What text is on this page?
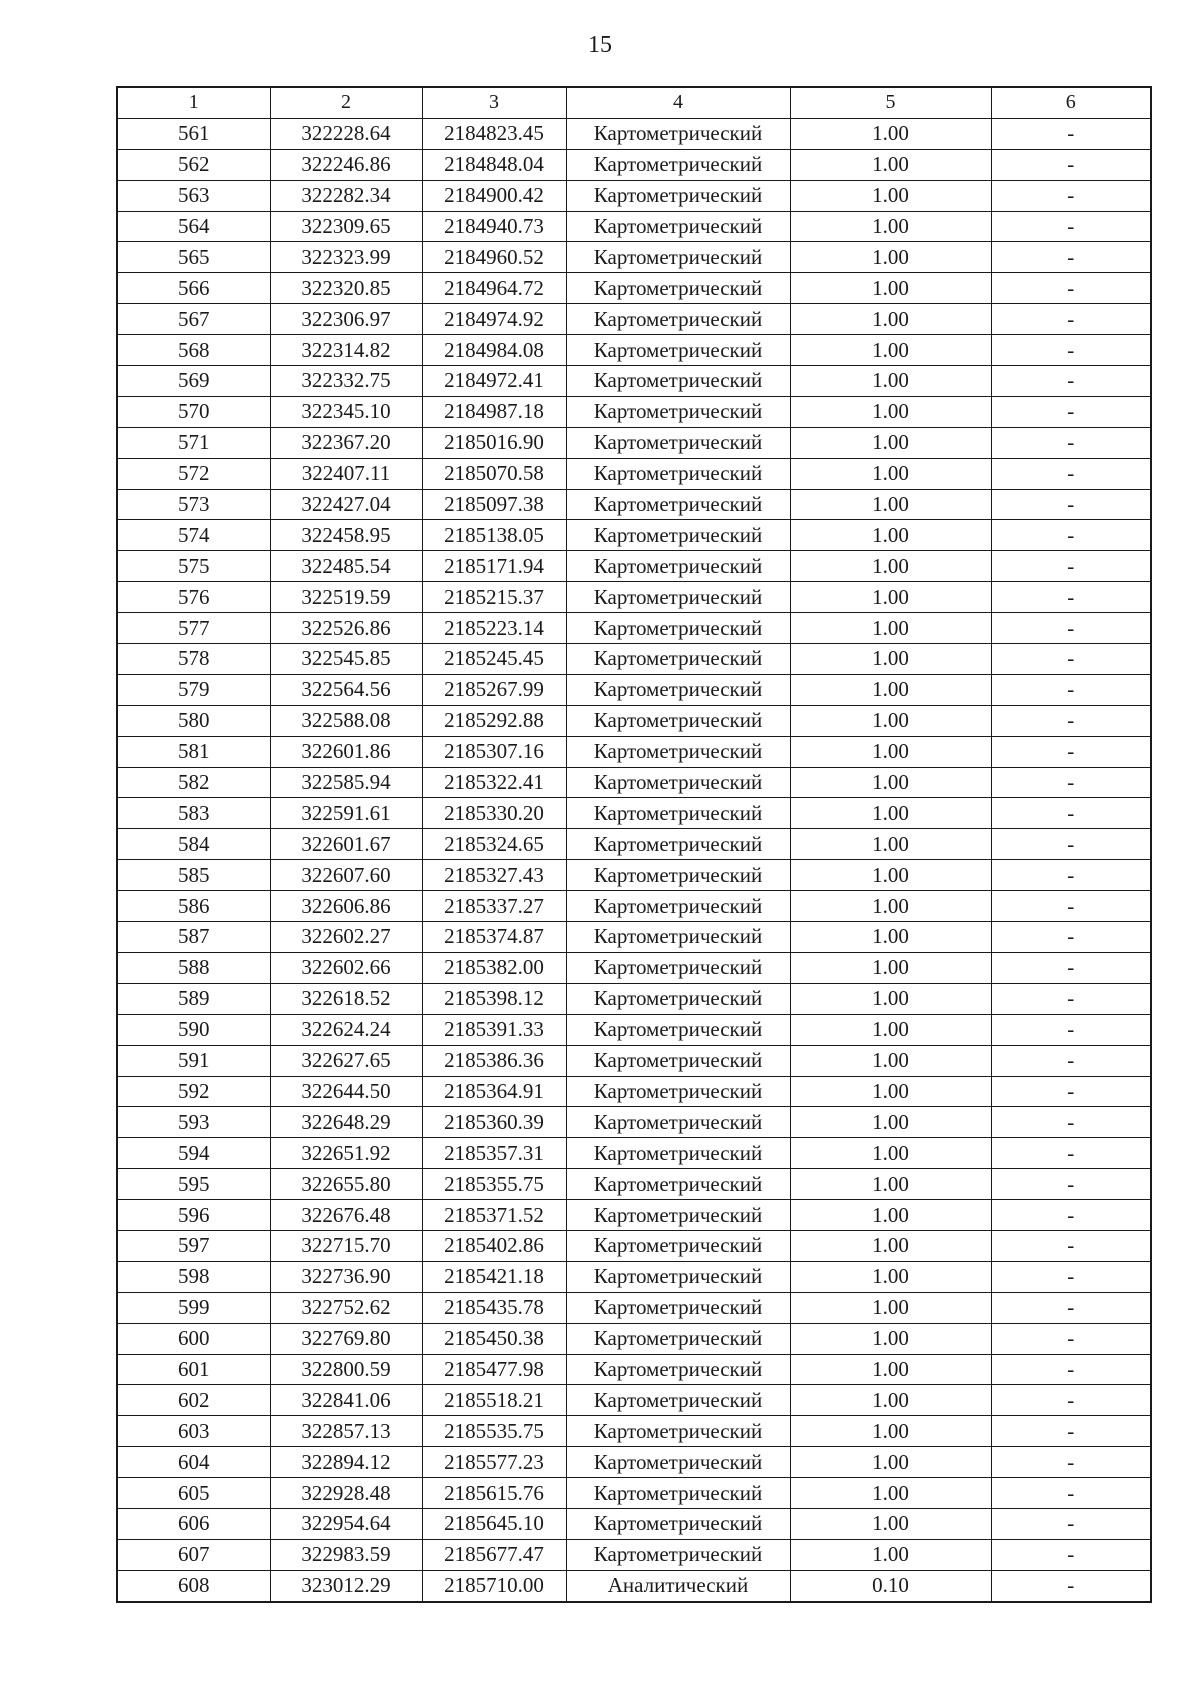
15
1	2	3	4	5	6
561	322228.64	2184823.45	Картометрический	1.00	-
562	322246.86	2184848.04	Картометрический	1.00	-
563	322282.34	2184900.42	Картометрический	1.00	-
564	322309.65	2184940.73	Картометрический	1.00	-
565	322323.99	2184960.52	Картометрический	1.00	-
566	322320.85	2184964.72	Картометрический	1.00	-
567	322306.97	2184974.92	Картометрический	1.00	-
568	322314.82	2184984.08	Картометрический	1.00	-
569	322332.75	2184972.41	Картометрический	1.00	-
570	322345.10	2184987.18	Картометрический	1.00	-
571	322367.20	2185016.90	Картометрический	1.00	-
572	322407.11	2185070.58	Картометрический	1.00	-
573	322427.04	2185097.38	Картометрический	1.00	-
574	322458.95	2185138.05	Картометрический	1.00	-
575	322485.54	2185171.94	Картометрический	1.00	-
576	322519.59	2185215.37	Картометрический	1.00	-
577	322526.86	2185223.14	Картометрический	1.00	-
578	322545.85	2185245.45	Картометрический	1.00	-
579	322564.56	2185267.99	Картометрический	1.00	-
580	322588.08	2185292.88	Картометрический	1.00	-
581	322601.86	2185307.16	Картометрический	1.00	-
582	322585.94	2185322.41	Картометрический	1.00	-
583	322591.61	2185330.20	Картометрический	1.00	-
584	322601.67	2185324.65	Картометрический	1.00	-
585	322607.60	2185327.43	Картометрический	1.00	-
586	322606.86	2185337.27	Картометрический	1.00	-
587	322602.27	2185374.87	Картометрический	1.00	-
588	322602.66	2185382.00	Картометрический	1.00	-
589	322618.52	2185398.12	Картометрический	1.00	-
590	322624.24	2185391.33	Картометрический	1.00	-
591	322627.65	2185386.36	Картометрический	1.00	-
592	322644.50	2185364.91	Картометрический	1.00	-
593	322648.29	2185360.39	Картометрический	1.00	-
594	322651.92	2185357.31	Картометрический	1.00	-
595	322655.80	2185355.75	Картометрический	1.00	-
596	322676.48	2185371.52	Картометрический	1.00	-
597	322715.70	2185402.86	Картометрический	1.00	-
598	322736.90	2185421.18	Картометрический	1.00	-
599	322752.62	2185435.78	Картометрический	1.00	-
600	322769.80	2185450.38	Картометрический	1.00	-
601	322800.59	2185477.98	Картометрический	1.00	-
602	322841.06	2185518.21	Картометрический	1.00	-
603	322857.13	2185535.75	Картометрический	1.00	-
604	322894.12	2185577.23	Картометрический	1.00	-
605	322928.48	2185615.76	Картометрический	1.00	-
606	322954.64	2185645.10	Картометрический	1.00	-
607	322983.59	2185677.47	Картометрический	1.00	-
608	323012.29	2185710.00	Аналитический	0.10	-
